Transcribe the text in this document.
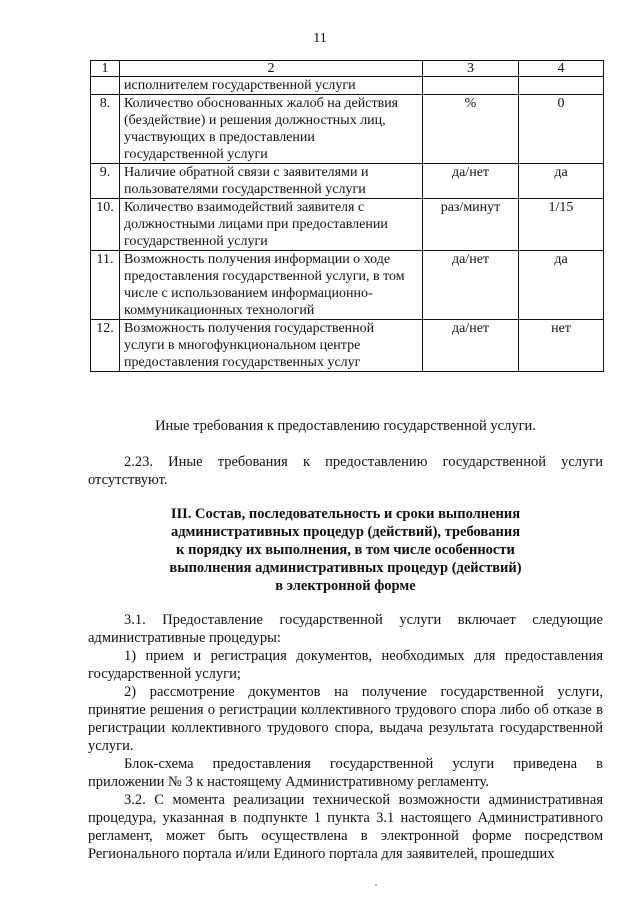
11
1	2	3	4
	исполнителем государственной услуги		
8.	Количество обоснованных жалоб на действия (бездействие) и решения должностных лиц, участвующих в предоставлении государственной услуги	%	0
9.	Наличие обратной связи с заявителями и пользователями государственной услуги	да/нет	да
10.	Количество взаимодействий заявителя с должностными лицами при предоставлении государственной услуги	раз/минут	1/15
11.	Возможность получения информации о ходе предоставления государственной услуги, в том числе с использованием информационно-коммуникационных технологий	да/нет	да
12.	Возможность получения государственной услуги в многофункциональном центре предоставления государственных услуг	да/нет	нет
Иные требования к предоставлению государственной услуги.
2.23. Иные требования к предоставлению государственной услуги отсутствуют.
III. Состав, последовательность и сроки выполнения
административных процедур (действий), требования
к порядку их выполнения, в том числе особенности
выполнения административных процедур (действий)
в электронной форме
3.1. Предоставление государственной услуги включает следующие административные процедуры:
1) прием и регистрация документов, необходимых для предоставления государственной услуги;
2) рассмотрение документов на получение государственной услуги, принятие решения о регистрации коллективного трудового спора либо об отказе в регистрации коллективного трудового спора, выдача результата государственной услуги.
Блок-схема предоставления государственной услуги приведена в приложении № 3 к настоящему Административному регламенту.
3.2. С момента реализации технической возможности административная процедура, указанная в подпункте 1 пункта 3.1 настоящего Административного регламент, может быть осуществлена в электронной форме посредством Регионального портала и/или Единого портала для заявителей, прошедших
